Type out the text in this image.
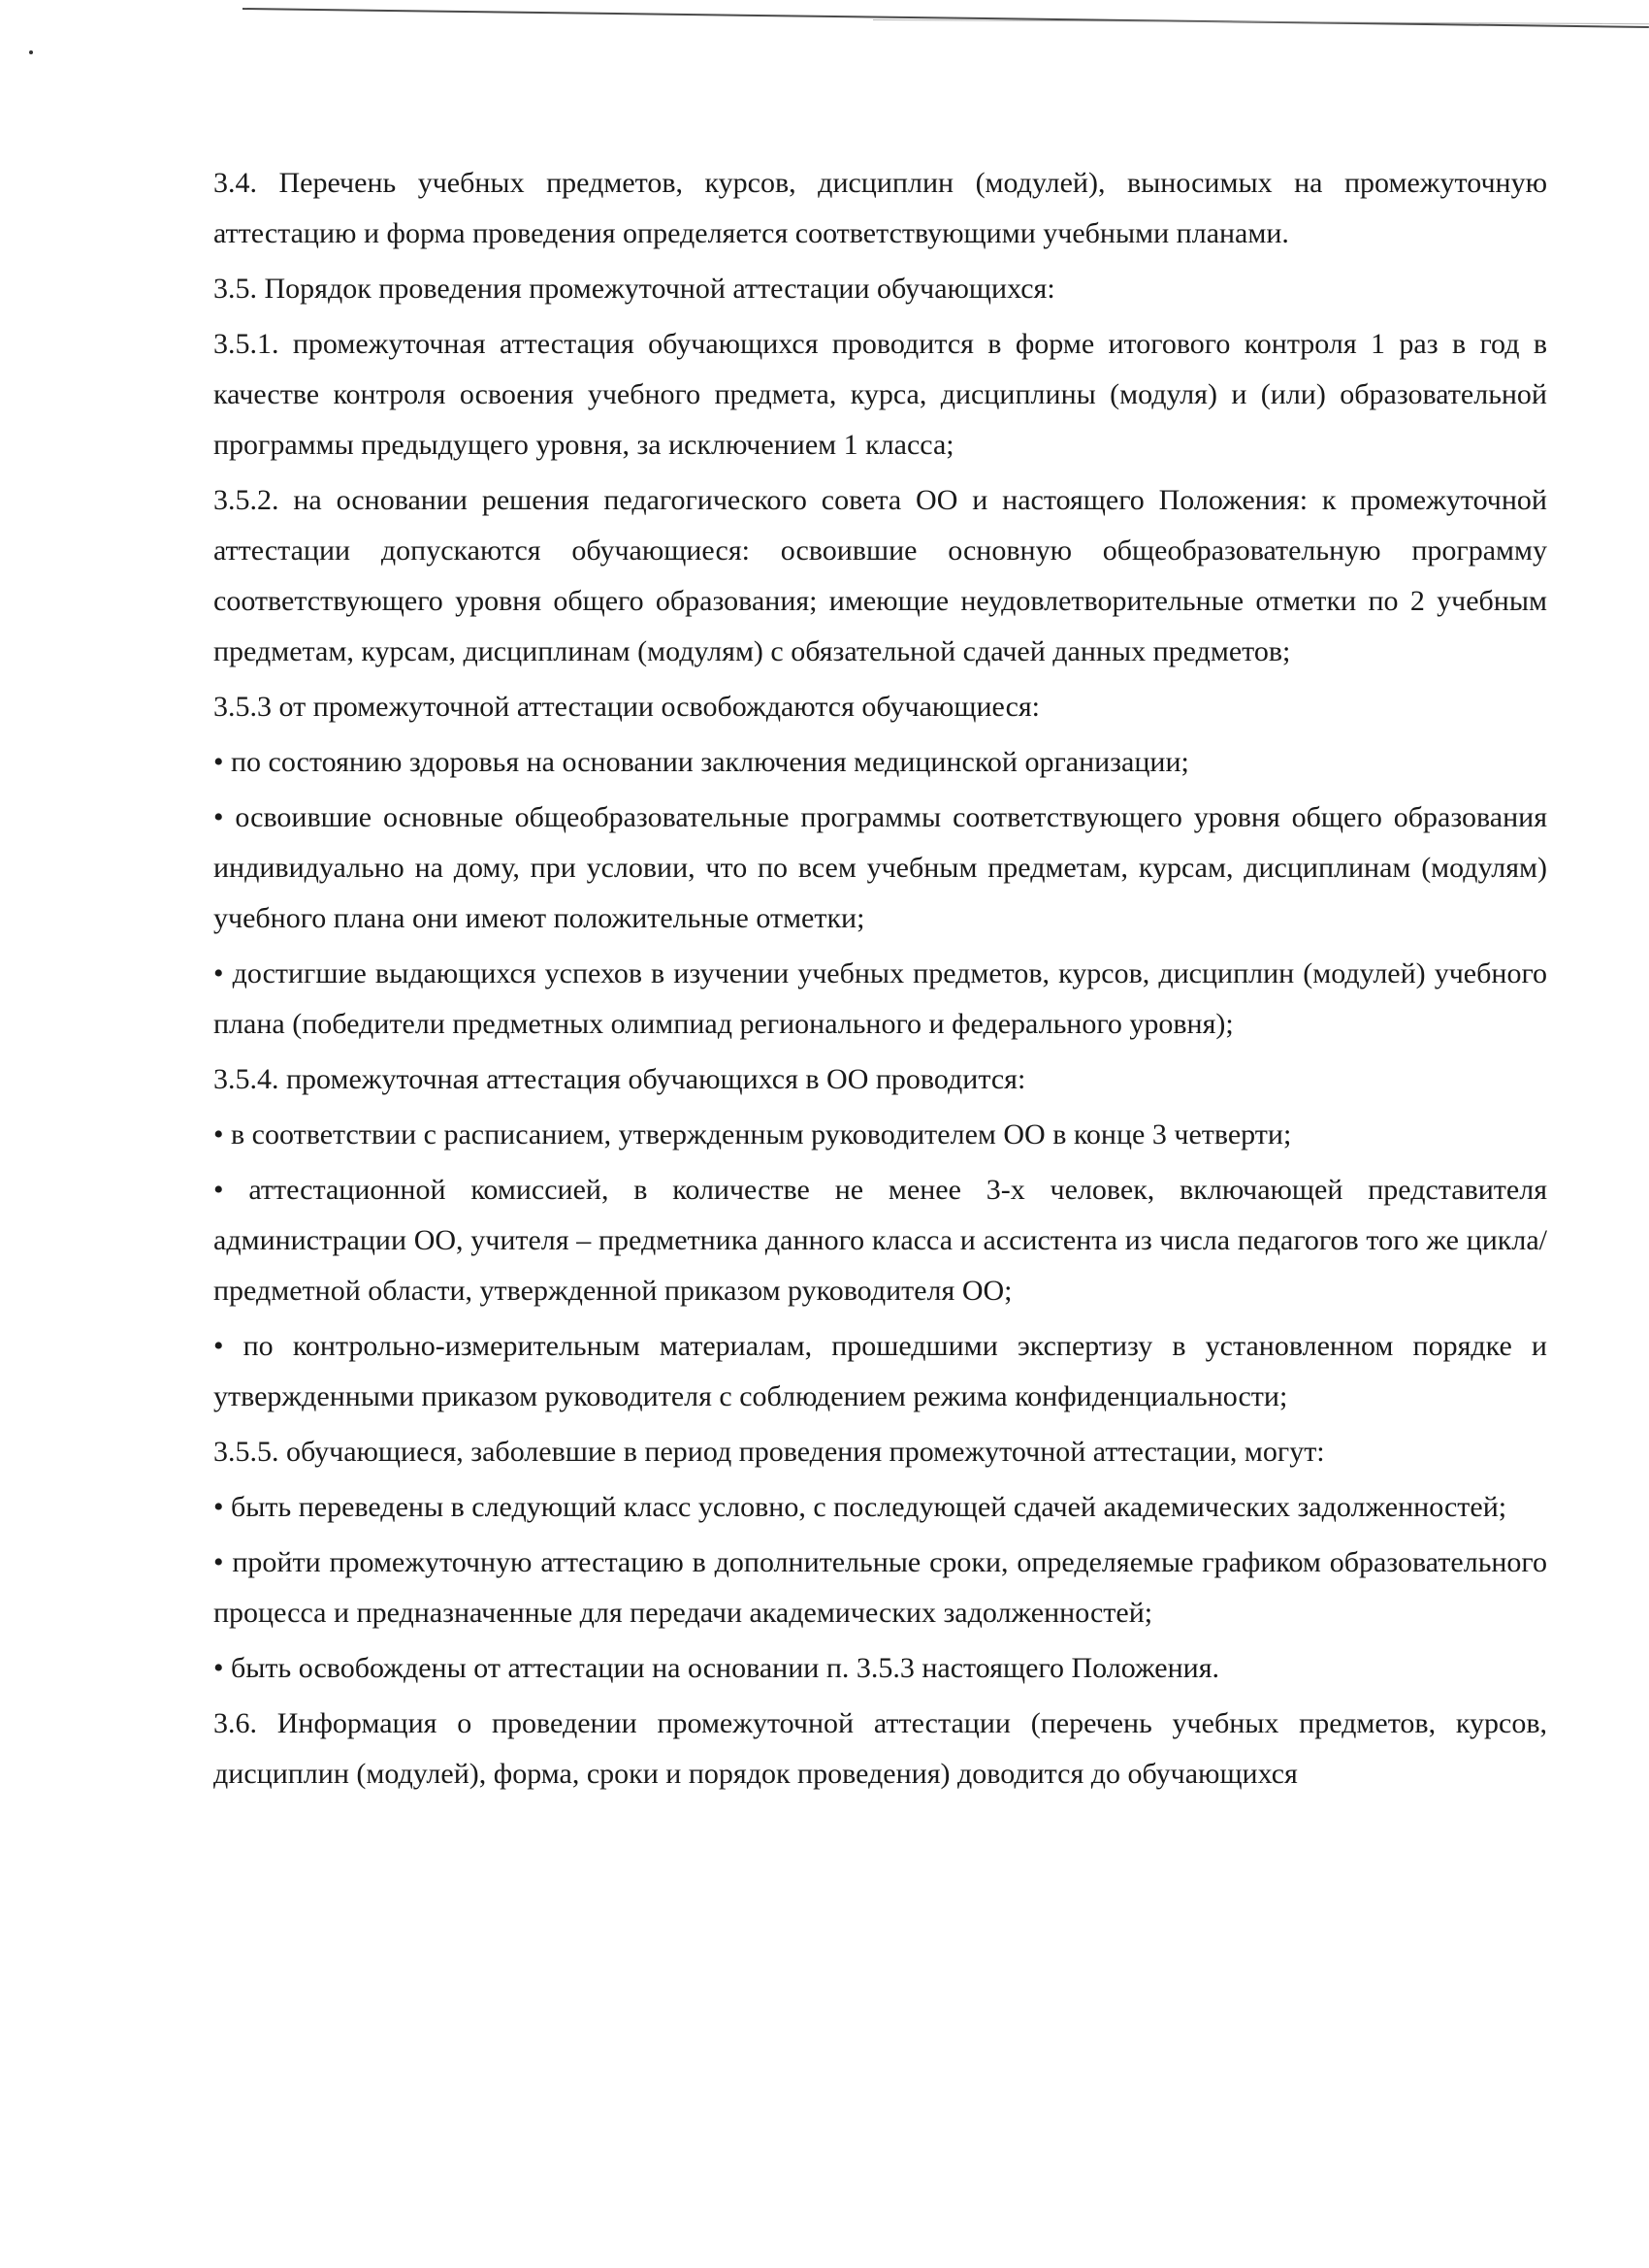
3.4. Перечень учебных предметов, курсов, дисциплин (модулей), выносимых на промежуточную аттестацию и форма проведения определяется соответствующими учебными планами.

3.5. Порядок проведения промежуточной аттестации обучающихся:

3.5.1. промежуточная аттестация обучающихся проводится в форме итогового контроля 1 раз в год в качестве контроля освоения учебного предмета, курса, дисциплины (модуля) и (или) образовательной программы предыдущего уровня, за исключением 1 класса;

3.5.2. на основании решения педагогического совета ОО и настоящего Положения: к промежуточной аттестации допускаются обучающиеся: освоившие основную общеобразовательную программу соответствующего уровня общего образования; имеющие неудовлетворительные отметки по 2 учебным предметам, курсам, дисциплинам (модулям) с обязательной сдачей данных предметов;

3.5.3 от промежуточной аттестации освобождаются обучающиеся:

• по состоянию здоровья на основании заключения медицинской организации;

• освоившие основные общеобразовательные программы соответствующего уровня общего образования индивидуально на дому, при условии, что по всем учебным предметам, курсам, дисциплинам (модулям) учебного плана они имеют положительные отметки;

• достигшие выдающихся успехов в изучении учебных предметов, курсов, дисциплин (модулей) учебного плана (победители предметных олимпиад регионального и федерального уровня);

3.5.4. промежуточная аттестация обучающихся в ОО проводится:

• в соответствии с расписанием, утвержденным руководителем ОО в конце 3 четверти;

• аттестационной комиссией, в количестве не менее 3-х человек, включающей представителя администрации ОО, учителя – предметника данного класса и ассистента из числа педагогов того же цикла/предметной области, утвержденной приказом руководителя ОО;

• по контрольно-измерительным материалам, прошедшими экспертизу в установленном порядке и утвержденными приказом руководителя с соблюдением режима конфиденциальности;

3.5.5. обучающиеся, заболевшие в период проведения промежуточной аттестации, могут:

• быть переведены в следующий класс условно, с последующей сдачей академических задолженностей;

• пройти промежуточную аттестацию в дополнительные сроки, определяемые графиком образовательного процесса и предназначенные для передачи академических задолженностей;

• быть освобождены от аттестации на основании п. 3.5.3 настоящего Положения.

3.6. Информация о проведении промежуточной аттестации (перечень учебных предметов, курсов, дисциплин (модулей), форма, сроки и порядок проведения) доводится до обучающихся
